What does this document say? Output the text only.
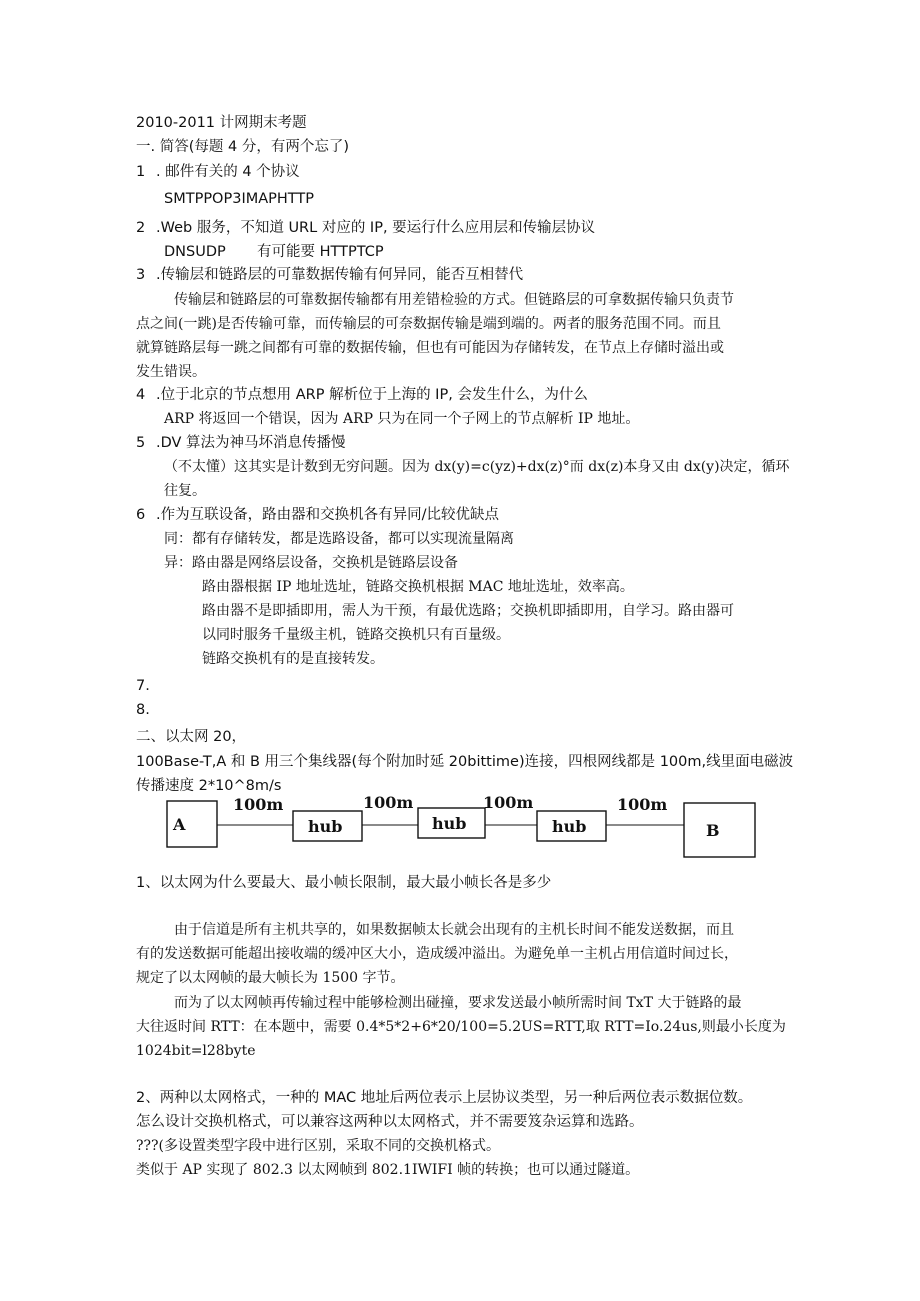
2010-2011 计网期末考题
一. 简答(每题 4 分，有两个忘了)
1 . 邮件有关的 4 个协议
SMTPPOP3IMAPHTTP
2 .Web 服务，不知道 URL 对应的 IP, 要运行什么应用层和传输层协议
DNSUDP 有可能要 HTTPTCP
3 .传输层和链路层的可靠数据传输有何异同，能否互相替代
传输层和链路层的可靠数据传输都有用差错检验的方式。但链路层的可拿数据传输只负责节
点之间(一跳)是否传输可靠，而传输层的可奈数据传输是端到端的。两者的服务范围不同。而且
就算链路层每一跳之间都有可靠的数据传输，但也有可能因为存储转发，在节点上存储时溢出或
发生错误。
4 .位于北京的节点想用 ARP 解析位于上海的 IP, 会发生什么，为什么
ARP 将返回一个错误，因为 ARP 只为在同一个子网上的节点解析 IP 地址。
5 .DV 算法为神马坏消息传播慢
（不太懂）这其实是计数到无穷问题。因为 dx(y)=c(yz)+dx(z)°而 dx(z)本身又由 dx(y)决定，循环
往复。
6 .作为互联设备，路由器和交换机各有异同/比较优缺点
同：都有存储转发，都是选路设备，都可以实现流量隔离
异：路由器是网络层设备，交换机是链路层设备
路由器根据 IP 地址选址，链路交换机根据 MAC 地址选址，效率高。
路由器不是即插即用，需人为干预，有最优选路；交换机即插即用，自学习。路由器可
以同时服务千量级主机，链路交换机只有百量级。
链路交换机有的是直接转发。
7.
8.
二、以太网 20，
100Base-T,A 和 B 用三个集线器(每个附加时延 20bittime)连接，四根网线都是 100m,线里面电磁波
传播速度 2*10^8m/s
A	hub	hub	hub	B
100m	100m	100m	100m
1、以太网为什么要最大、最小帧长限制，最大最小帧长各是多少
由于信道是所有主机共享的，如果数据帧太长就会出现有的主机长时间不能发送数据，而且
有的发送数据可能超出接收端的缓冲区大小，造成缓冲溢出。为避免单一主机占用信道时间过长，
规定了以太网帧的最大帧长为 1500 字节。
而为了以太网帧再传输过程中能够检测出碰撞，要求发送最小帧所需时间 TxT 大于链路的最
大往返时间 RTT：在本题中，需要 0.4*5*2+6*20/100=5.2US=RTT,取 RTT=Io.24us,则最小长度为
1024bit=l28byte
2、两种以太网格式，一种的 MAC 地址后两位表示上层协议类型，另一种后两位表示数据位数。
怎么设计交换机格式，可以兼容这两种以太网格式，并不需要笈杂运算和选路。
???(多设置类型字段中进行区别，采取不同的交换机格式。
类似于 AP 实现了 802.3 以太网帧到 802.1IWIFI 帧的转换；也可以通过隧道。
